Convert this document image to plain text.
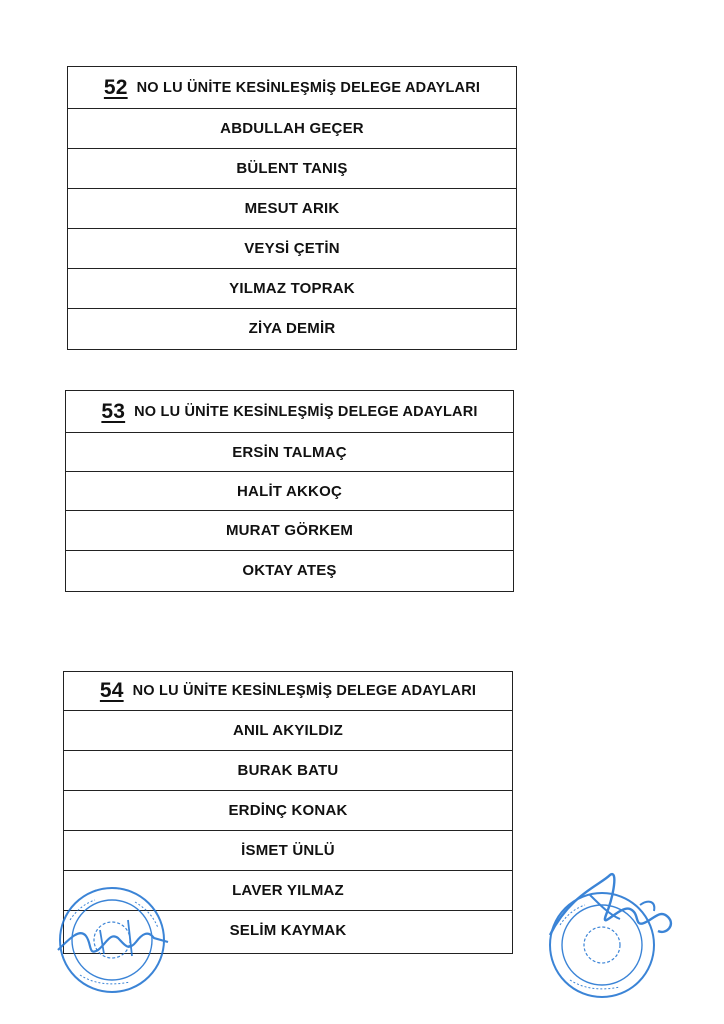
52 NO LU ÜNİTE KESİNLEŞMİŞ DELEGE ADAYLARI
ABDULLAH GEÇER
BÜLENT TANIŞ
MESUT ARIK
VEYSİ ÇETİN
YILMAZ TOPRAK
ZİYA DEMİR
53 NO LU ÜNİTE KESİNLEŞMİŞ DELEGE ADAYLARI
ERSİN TALMAÇ
HALİT AKKOÇ
MURAT GÖRKEM
OKTAY ATEŞ
54 NO LU ÜNİTE KESİNLEŞMİŞ DELEGE ADAYLARI
ANIL AKYILDIZ
BURAK BATU
ERDİNÇ KONAK
İSMET ÜNLÜ
LAVER YILMAZ
SELİM KAYMAK
